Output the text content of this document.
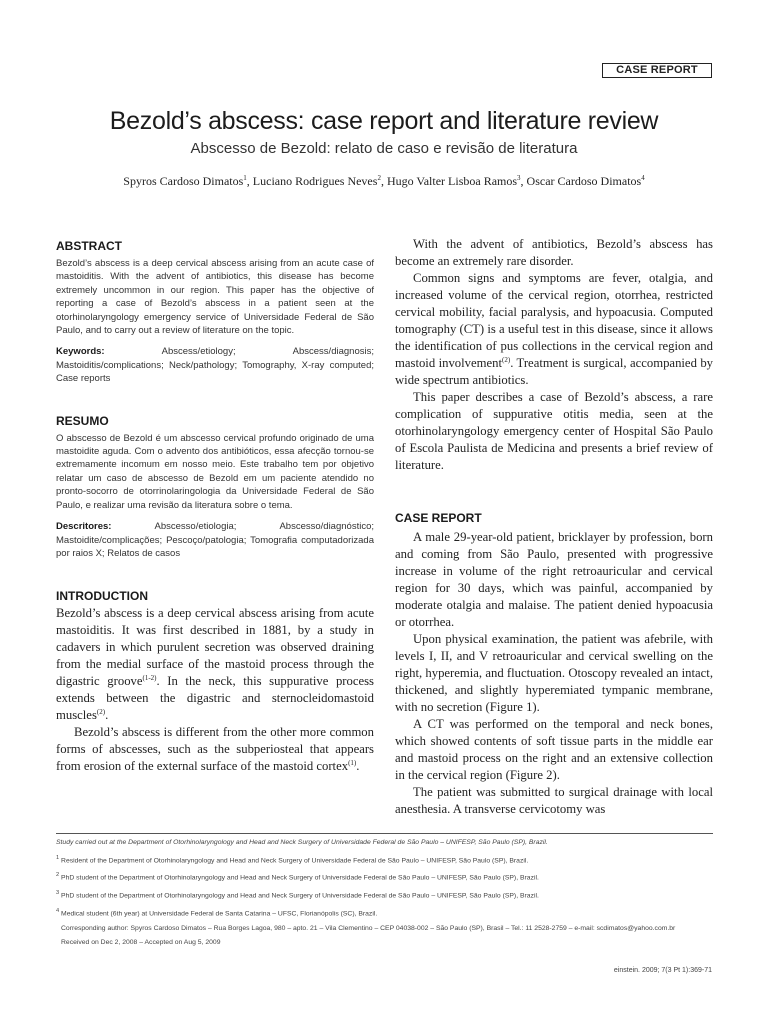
CASE REPORT
Bezold’s abscess: case report and literature review
Abscesso de Bezold: relato de caso e revisão de literatura
Spyros Cardoso Dimatos$^1$, Luciano Rodrigues Neves$^2$, Hugo Valter Lisboa Ramos$^3$, Oscar Cardoso Dimatos$^4$
ABSTRACT

Bezold’s abscess is a deep cervical abscess arising from an acute case of mastoiditis. With the advent of antibiotics, this disease has become extremely uncommon in our region. This paper has the objective of reporting a case of Bezold’s abscess in a patient seen at the otorhinolaryngology emergency service of Universidade Federal de São Paulo, and to carry out a review of literature on the topic.

Keywords:	Abscess/etiology; Abscess/diagnosis; Mastoiditis/complications; Neck/pathology; Tomography, X-ray computed; Case reports

RESUMO

O abscesso de Bezold é um abscesso cervical profundo originado de uma mastoidite aguda. Com o advento dos antibióticos, essa afecção tornou-se extremamente incomum em nosso meio. Este trabalho tem por objetivo relatar um caso de abscesso de Bezold em um paciente atendido no pronto-socorro de otorrinolaringologia da Universidade Federal de São Paulo, e realizar uma revisão da literatura sobre o tema.

Descritores:	Abscesso/etiologia; Abscesso/diagnóstico; Mastoidite/complicações; Pescoço/patologia; Tomografia computadorizada por raios X; Relatos de casos

INTRODUCTION

Bezold’s abscess is a deep cervical abscess arising from acute mastoiditis. It was first described in 1881, by a study in cadavers in which purulent secretion was observed draining from the medial surface of the mastoid process through the digastric groove$^{(1-2)}$. In the neck, this suppurative process extends between the digastric and sternocleidomastoid muscles$^{(2)}$.

Bezold’s abscess is different from the other more common forms of abscesses, such as the subperiosteal that appears from erosion of the external surface of the mastoid cortex$^{(1)}$.

With the advent of antibiotics, Bezold’s abscess has become an extremely rare disorder.

Common signs and symptoms are fever, otalgia, and increased volume of the cervical region, otorrhea, restricted cervical mobility, facial paralysis, and hypoacusia. Computed tomography (CT) is a useful test in this disease, since it allows the identification of pus collections in the cervical region and mastoid involvement$^{(2)}$. Treatment is surgical, accompanied by wide spectrum antibiotics.

This paper describes a case of Bezold’s abscess, a rare complication of suppurative otitis media, seen at the otorhinolaryngology emergency center of Hospital São Paulo of Escola Paulista de Medicina and presents a brief review of literature.

CASE REPORT

A male 29-year-old patient, bricklayer by profession, born and coming from São Paulo, presented with progressive increase in volume of the right retroauricular and cervical region for 30 days, which was painful, accompanied by moderate otalgia and malaise. The patient denied hypoacusia or otorrhea.

Upon physical examination, the patient was afebrile, with levels I, II, and V retroauricular and cervical swelling on the right, hyperemia, and fluctuation. Otoscopy revealed an intact, thickened, and slightly hyperemiated tympanic membrane, with no secretion (Figure 1).

A CT was performed on the temporal and neck bones, which showed contents of soft tissue parts in the middle ear and mastoid process on the right and an extensive collection in the cervical region (Figure 2).

The patient was submitted to surgical drainage with local anesthesia. A transverse cervicotomy was

Study carried out at the Department of Otorhinolaryngology and Head and Neck Surgery of Universidade Federal de São Paulo – UNIFESP, São Paulo (SP), Brazil.

$^1$ Resident of the Department of Otorhinolaryngology and Head and Neck Surgery of Universidade Federal de São Paulo – UNIFESP, São Paulo (SP), Brazil.

$^2$ PhD student of the Department of Otorhinolaryngology and Head and Neck Surgery of Universidade Federal de São Paulo – UNIFESP, São Paulo (SP), Brazil.

$^3$ PhD student of the Department of Otorhinolaryngology and Head and Neck Surgery of Universidade Federal de São Paulo – UNIFESP, São Paulo (SP), Brazil.

$^4$ Medical student (6th year) at Universidade Federal de Santa Catarina – UFSC, Florianópolis (SC), Brazil.

Corresponding author: Spyros Cardoso Dimatos – Rua Borges Lagoa, 980 – apto. 21 – Vila Clementino – CEP 04038-002 – São Paulo (SP), Brasil – Tel.: 11 2528-2759 – e-mail: scdimatos@yahoo.com.br

Received on Dec 2, 2008 – Accepted on Aug 5, 2009

einstein. 2009; 7(3 Pt 1):369-71
